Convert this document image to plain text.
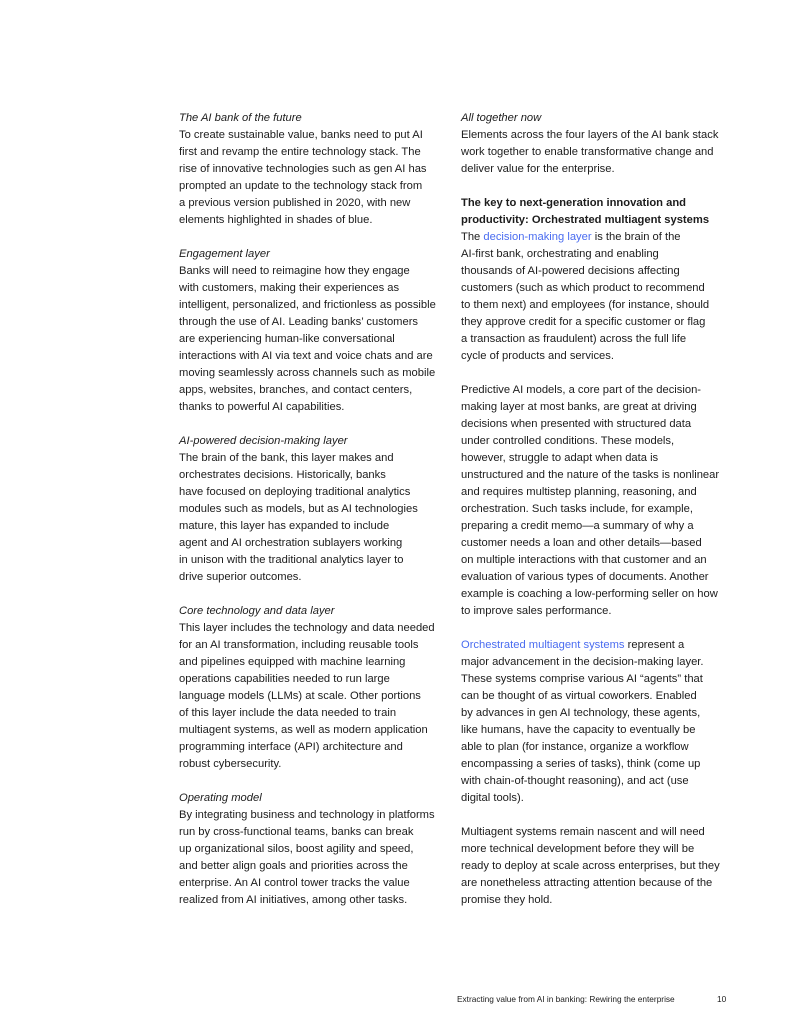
The AI bank of the future
To create sustainable value, banks need to put AI
first and revamp the entire technology stack. The
rise of innovative technologies such as gen AI has
prompted an update to the technology stack from
a previous version published in 2020, with new
elements highlighted in shades of blue.
Engagement layer
Banks will need to reimagine how they engage
with customers, making their experiences as
intelligent, personalized, and frictionless as possible
through the use of AI. Leading banks’ customers
are experiencing human-like conversational
interactions with AI via text and voice chats and are
moving seamlessly across channels such as mobile
apps, websites, branches, and contact centers,
thanks to powerful AI capabilities.
AI-powered decision-making layer
The brain of the bank, this layer makes and
orchestrates decisions. Historically, banks
have focused on deploying traditional analytics
modules such as models, but as AI technologies
mature, this layer has expanded to include
agent and AI orchestration sublayers working
in unison with the traditional analytics layer to
drive superior outcomes.
Core technology and data layer
This layer includes the technology and data needed
for an AI transformation, including reusable tools
and pipelines equipped with machine learning
operations capabilities needed to run large
language models (LLMs) at scale. Other portions
of this layer include the data needed to train
multiagent systems, as well as modern application
programming interface (API) architecture and
robust cybersecurity.
Operating model
By integrating business and technology in platforms
run by cross-functional teams, banks can break
up organizational silos, boost agility and speed,
and better align goals and priorities across the
enterprise. An AI control tower tracks the value
realized from AI initiatives, among other tasks.
All together now
Elements across the four layers of the AI bank stack
work together to enable transformative change and
deliver value for the enterprise.
The key to next-generation innovation and
productivity: Orchestrated multiagent systems
The decision-making layer is the brain of the
AI-first bank, orchestrating and enabling
thousands of AI-powered decisions affecting
customers (such as which product to recommend
to them next) and employees (for instance, should
they approve credit for a specific customer or flag
a transaction as fraudulent) across the full life
cycle of products and services.
Predictive AI models, a core part of the decision-
making layer at most banks, are great at driving
decisions when presented with structured data
under controlled conditions. These models,
however, struggle to adapt when data is
unstructured and the nature of the tasks is nonlinear
and requires multistep planning, reasoning, and
orchestration. Such tasks include, for example,
preparing a credit memo—a summary of why a
customer needs a loan and other details—based
on multiple interactions with that customer and an
evaluation of various types of documents. Another
example is coaching a low-performing seller on how
to improve sales performance.
Orchestrated multiagent systems represent a
major advancement in the decision-making layer.
These systems comprise various AI “agents” that
can be thought of as virtual coworkers. Enabled
by advances in gen AI technology, these agents,
like humans, have the capacity to eventually be
able to plan (for instance, organize a workflow
encompassing a series of tasks), think (come up
with chain-of-thought reasoning), and act (use
digital tools).
Multiagent systems remain nascent and will need
more technical development before they will be
ready to deploy at scale across enterprises, but they
are nonetheless attracting attention because of the
promise they hold.
Extracting value from AI in banking: Rewiring the enterprise	10
